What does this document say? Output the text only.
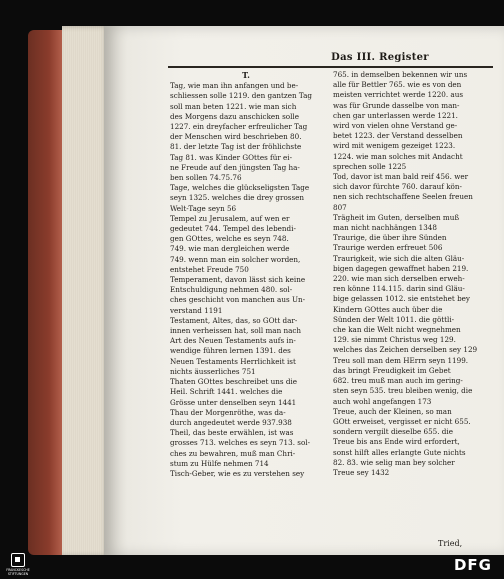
Das III. Register
T.
Tag, wie man ihn anfangen und be-
schliessen solle 1219. den gantzen Tag
soll man beten 1221. wie man sich
des Morgens dazu anschicken solle
1227. ein dreyfacher erfreulicher Tag
der Menschen wird beschrieben 80.
81. der letzte Tag ist der fröhlichste
Tag 81. was Kinder GOttes für ei-
ne Freude auf den jüngsten Tag ha-
ben sollen 74.75.76
Tage, welches die glückseligsten Tage
seyn 1325. welches die drey grossen
Welt-Tage seyn 56
Tempel zu Jerusalem, auf wen er
gedeutet 744. Tempel des lebendi-
gen GOttes, welche es seyn 748.
749. wie man dergleichen werde
749. wenn man ein solcher worden,
entstehet Freude 750
Temperament, davon lässt sich keine
Entschuldigung nehmen 480. sol-
ches geschicht von manchen aus Un-
verstand 1191
Testament, Altes, das, so GOtt dar-
innen verheissen hat, soll man nach
Art des Neuen Testaments aufs in-
wendige führen lernen 1391. des
Neuen Testaments Herrlichkeit ist
nichts äusserliches 751
Thaten GOttes beschreibet uns die
Heil. Schrift 1441. welches die
Grösse unter denselben seyn 1441
Thau der Morgenröthe, was da-
durch angedeutet werde 937.938
Theil, das beste erwählen, ist was
grosses 713. welches es seyn 713. sol-
ches zu bewahren, muß man Chri-
stum zu Hülfe nehmen 714
Tisch-Geber, wie es zu verstehen sey
765. in demselben bekennen wir uns
alle für Bettler 765. wie es von den
meisten verrichtet werde 1220. aus
was für Grunde dasselbe von man-
chen gar unterlassen werde 1221.
wird von vielen ohne Verstand ge-
betet 1223. der Verstand desselben
wird mit wenigem gezeiget 1223.
1224. wie man solches mit Andacht
sprechen solle 1225
Tod, davor ist man bald reif 456. wer
sich davor fürchte 760. darauf kön-
nen sich rechtschaffene Seelen freuen
807
Trägheit im Guten, derselben muß
man nicht nachhängen 1348
Traurige, die über ihre Sünden
Traurige werden erfreuet 506
Traurigkeit, wie sich die alten Gläu-
bigen dagegen gewaffnet haben 219.
220. wie man sich derselben erweh-
ren könne 114.115. darin sind Gläu-
bige gelassen 1012. sie entstehet bey
Kindern GOttes auch über die
Sünden der Welt 1011. die göttli-
che kan die Welt nicht wegnehmen
129. sie nimmt Christus weg 129.
welches das Zeichen derselben sey 129
Treu soll man dem HErrn seyn 1199.
das bringt Freudigkeit im Gebet
682. treu muß man auch im gering-
sten seyn 535. treu bleiben wenig, die
auch wohl angefangen 173
Treue, auch der Kleinen, so man
GOtt erweiset, vergisset er nicht 655.
sondern vergilt dieselbe 655. die
Treue bis ans Ende wird erfordert,
sonst hilft alles erlangte Gute nichts
82. 83. wie selig man bey solcher
Treue sey 1432
Tried,
FRANCKESCHE STIFTUNGEN	DFG
